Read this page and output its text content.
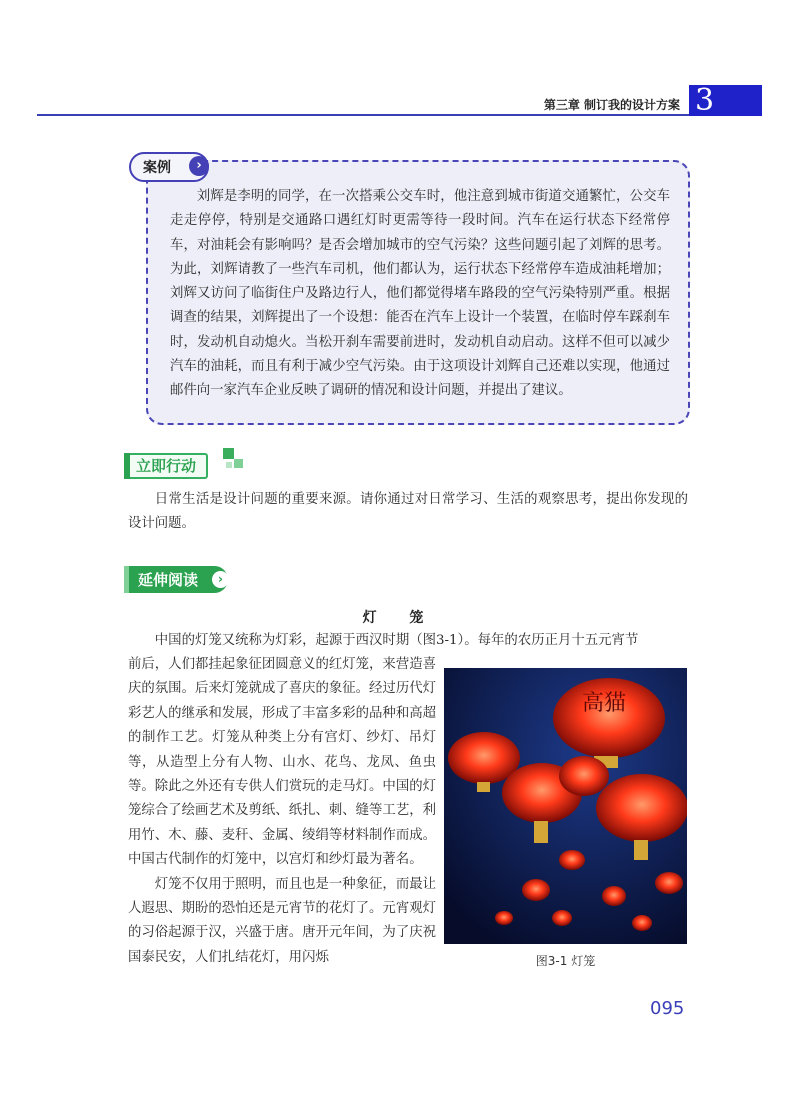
第三章 制订我的设计方案 3
案例	›

刘辉是李明的同学，在一次搭乘公交车时，他注意到城市街道交通繁忙，公交车走走停停，特别是交通路口遇红灯时更需等待一段时间。汽车在运行状态下经常停车，对油耗会有影响吗？是否会增加城市的空气污染？这些问题引起了刘辉的思考。为此，刘辉请教了一些汽车司机，他们都认为，运行状态下经常停车造成油耗增加；刘辉又访问了临街住户及路边行人，他们都觉得堵车路段的空气污染特别严重。根据调查的结果，刘辉提出了一个设想：能否在汽车上设计一个装置，在临时停车踩刹车时，发动机自动熄火。当松开刹车需要前进时，发动机自动启动。这样不但可以减少汽车的油耗，而且有利于减少空气污染。由于这项设计刘辉自己还难以实现，他通过邮件向一家汽车企业反映了调研的情况和设计问题，并提出了建议。

立即行动

日常生活是设计问题的重要来源。请你通过对日常学习、生活的观察思考，提出你发现的设计问题。

延伸阅读	›
灯 笼

中国的灯笼又统称为灯彩，起源于西汉时期（图3-1）。每年的农历正月十五元宵节

前后，人们都挂起象征团圆意义的红灯笼，来营造喜庆的氛围。后来灯笼就成了喜庆的象征。经过历代灯彩艺人的继承和发展，形成了丰富多彩的品种和高超的制作工艺。灯笼从种类上分有宫灯、纱灯、吊灯等，从造型上分有人物、山水、花鸟、龙凤、鱼虫等。除此之外还有专供人们赏玩的走马灯。中国的灯笼综合了绘画艺术及剪纸、纸扎、刺、缝等工艺，利用竹、木、藤、麦秆、金属、绫绢等材料制作而成。中国古代制作的灯笼中，以宫灯和纱灯最为著名。

灯笼不仅用于照明，而且也是一种象征，而最让人遐思、期盼的恐怕还是元宵节的花灯了。元宵观灯的习俗起源于汉，兴盛于唐。唐开元年间，为了庆祝国泰民安，人们扎结花灯，用闪烁

高猫
图3-1 灯笼
095
